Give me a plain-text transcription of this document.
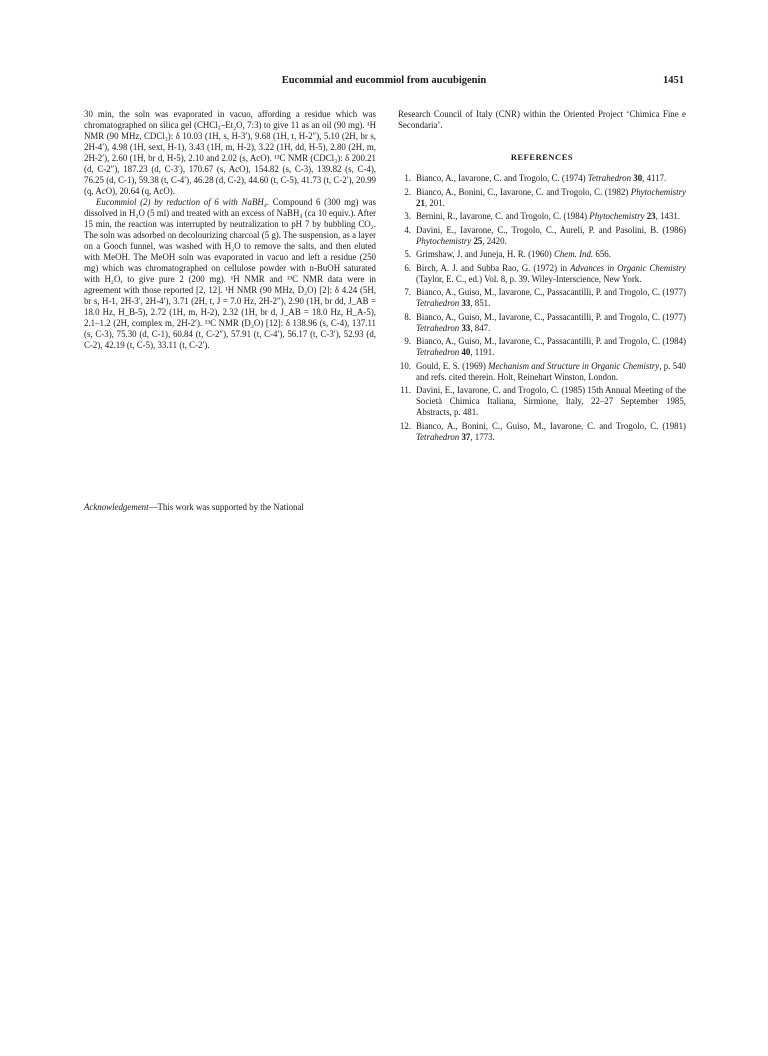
Eucommial and eucommiol from aucubigenin	1451

30 min, the soln was evaporated in vacuo, affording a residue which was chromatographed on silica gel (CHCl₃–Et₂O, 7:3) to give 11 as an oil (90 mg). ¹H NMR (90 MHz, CDCl₃): δ 10.03 (1H, s, H-3′), 9.68 (1H, t, H-2″), 5.10 (2H, br s, 2H-4′), 4.98 (1H, sext, H-1), 3.43 (1H, m, H-2), 3.22 (1H, dd, H-5), 2.80 (2H, m, 2H-2′), 2.60 (1H, br d, H-5), 2.10 and 2.02 (s, AcO). ¹³C NMR (CDCl₃): δ 200.21 (d, C-2″), 187.23 (d, C-3′), 170.67 (s, AcO), 154.82 (s, C-3), 139.82 (s, C-4), 76.25 (d, C-1), 59.38 (t, C-4′), 46.28 (d, C-2), 44.60 (t, C-5), 41.73 (t, C-2′), 20.99 (q, AcO), 20.64 (q, AcO).

Eucommiol (2) by reduction of 6 with NaBH₄. Compound 6 (300 mg) was dissolved in H₂O (5 ml) and treated with an excess of NaBH₄ (ca 10 equiv.). After 15 min, the reaction was interrupted by neutralization to pH 7 by bubbling CO₂. The soln was adsorbed on decolourizing charcoal (5 g). The suspension, as a layer on a Gooch funnel, was washed with H₂O to remove the salts, and then eluted with MeOH. The MeOH soln was evaporated in vacuo and left a residue (250 mg) which was chromatographed on cellulose powder with n-BuOH saturated with H₂O, to give pure 2 (200 mg). ¹H NMR and ¹³C NMR data were in agreement with those reported [2, 12]. ¹H NMR (90 MHz, D₂O) [2]: δ 4.24 (5H, br s, H-1, 2H-3′, 2H-4′), 3.71 (2H, t, J = 7.0 Hz, 2H-2″), 2.90 (1H, br dd, J_AB = 18.0 Hz, H_B-5), 2.72 (1H, m, H-2), 2.32 (1H, br d, J_AB = 18.0 Hz, H_A-5), 2.1–1.2 (2H, complex m, 2H-2′). ¹³C NMR (D₂O) [12]: δ 138.96 (s, C-4), 137.11 (s, C-3), 75.30 (d, C-1), 60.84 (t, C-2″), 57.91 (t, C-4′), 56.17 (t, C-3′), 52.93 (d, C-2), 42.19 (t, C-5), 33.11 (t, C-2′).

Acknowledgement—This work was supported by the National

Research Council of Italy (CNR) within the Oriented Project ‘Chimica Fine e Secondaria’.

REFERENCES
1. Bianco, A., Iavarone, C. and Trogolo, C. (1974) Tetrahedron 30, 4117.
2. Bianco, A., Bonini, C., Iavarone, C. and Trogolo, C. (1982) Phytochemistry 21, 201.
3. Bernini, R., Iavarone, C. and Trogolo, C. (1984) Phytochemistry 23, 1431.
4. Davini, E., Iavarone, C., Trogolo, C., Aureli, P. and Pasolini, B. (1986) Phytochemistry 25, 2420.
5. Grimshaw, J. and Juneja, H. R. (1960) Chem. Ind. 656.
6. Birch, A. J. and Subba Rao, G. (1972) in Advances in Organic Chemistry (Taylor, E. C., ed.) Vol. 8, p. 39. Wiley-Interscience, New York.
7. Bianco, A., Guiso, M., Iavarone, C., Passacantilli, P. and Trogolo, C. (1977) Tetrahedron 33, 851.
8. Bianco, A., Guiso, M., Iavarone, C., Passacantilli, P. and Trogolo, C. (1977) Tetrahedron 33, 847.
9. Bianco, A., Guiso, M., Iavarone, C., Passacantilli, P. and Trogolo, C. (1984) Tetrahedron 40, 1191.
10. Gould, E. S. (1969) Mechanism and Structure in Organic Chemistry, p. 540 and refs. cited therein. Holt, Reinehart Winston, London.
11. Davini, E., Iavarone, C. and Trogolo, C. (1985) 15th Annual Meeting of the Società Chimica Italiana, Sirmione, Italy, 22–27 September 1985, Abstracts, p. 481.
12. Bianco, A., Bonini, C., Guiso, M., Iavarone, C. and Trogolo, C. (1981) Tetrahedron 37, 1773.
